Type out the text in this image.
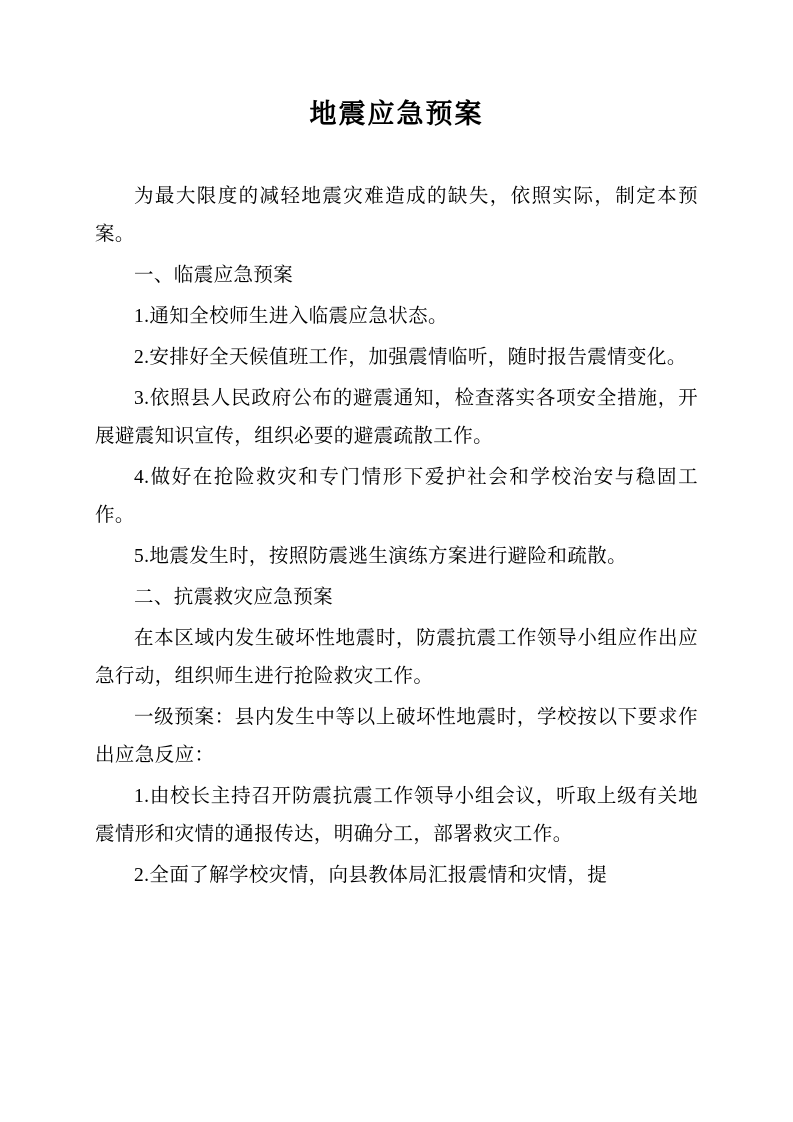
地震应急预案

为最大限度的减轻地震灾难造成的缺失，依照实际，制定本预案。

一、临震应急预案

1.通知全校师生进入临震应急状态。

2.安排好全天候值班工作，加强震情临听，随时报告震情变化。

3.依照县人民政府公布的避震通知，检查落实各项安全措施，开展避震知识宣传，组织必要的避震疏散工作。

4.做好在抢险救灾和专门情形下爱护社会和学校治安与稳固工作。

5.地震发生时，按照防震逃生演练方案进行避险和疏散。

二、抗震救灾应急预案

在本区域内发生破坏性地震时，防震抗震工作领导小组应作出应急行动，组织师生进行抢险救灾工作。

一级预案：县内发生中等以上破坏性地震时，学校按以下要求作出应急反应：

1.由校长主持召开防震抗震工作领导小组会议，听取上级有关地震情形和灾情的通报传达，明确分工，部署救灾工作。

2.全面了解学校灾情，向县教体局汇报震情和灾情，提
